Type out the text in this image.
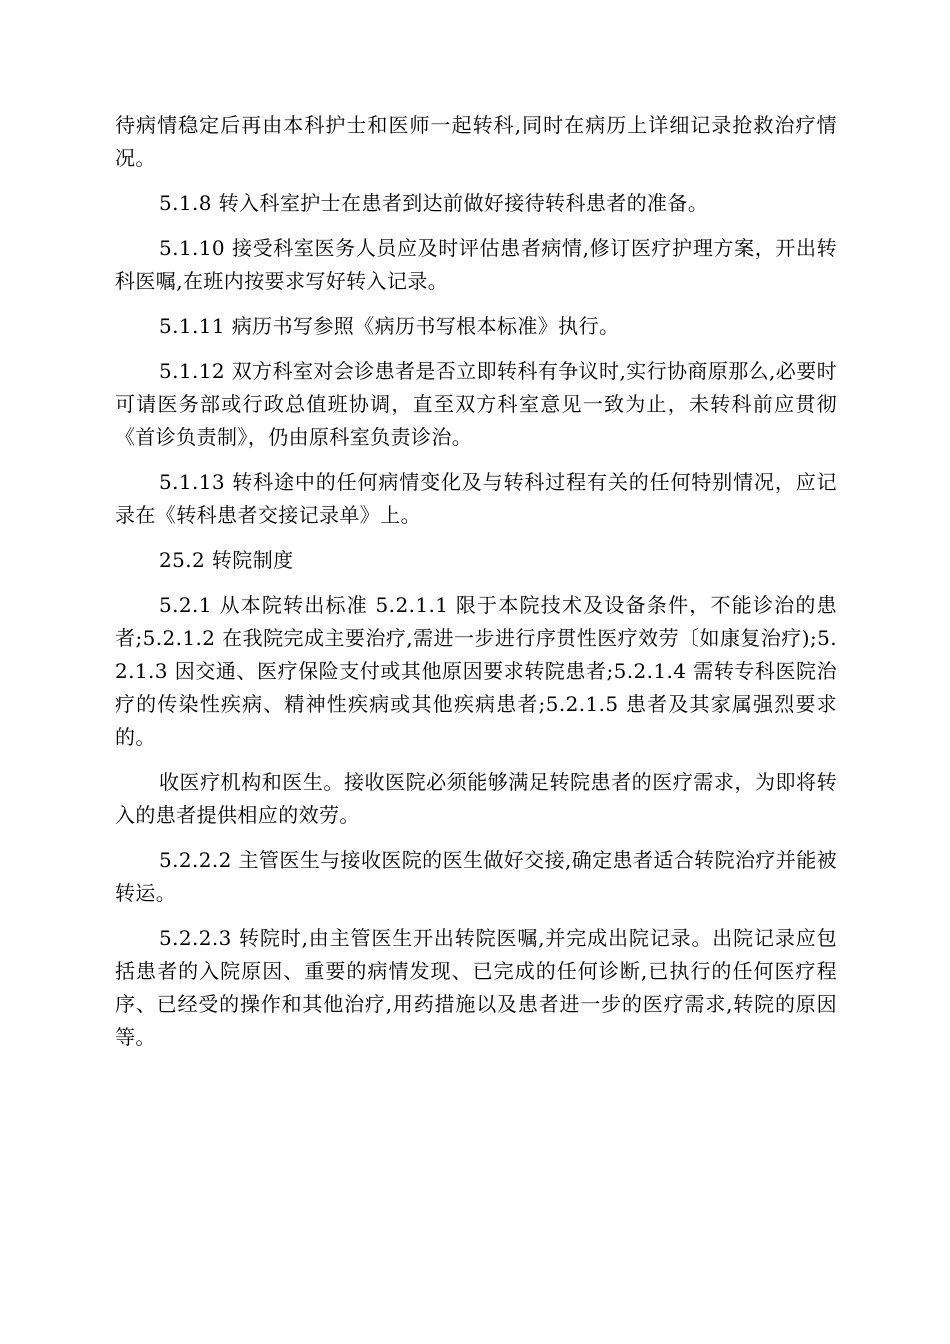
待病情稳定后再由本科护士和医师一起转科,同时在病历上详细记录抢救治疗情况。

5.1.8 转入科室护士在患者到达前做好接待转科患者的准备。

5.1.10 接受科室医务人员应及时评估患者病情,修订医疗护理方案，开出转科医嘱,在班内按要求写好转入记录。

5.1.11 病历书写参照《病历书写根本标准》执行。

5.1.12 双方科室对会诊患者是否立即转科有争议时,实行协商原那么,必要时可请医务部或行政总值班协调，直至双方科室意见一致为止，未转科前应贯彻《首诊负责制》，仍由原科室负责诊治。

5.1.13 转科途中的任何病情变化及与转科过程有关的任何特别情况，应记录在《转科患者交接记录单》上。

25.2 转院制度

5.2.1 从本院转出标准 5.2.1.1 限于本院技术及设备条件，不能诊治的患者;5.2.1.2 在我院完成主要治疗,需进一步进行序贯性医疗效劳〔如康复治疗);5.2.1.3 因交通、医疗保险支付或其他原因要求转院患者;5.2.1.4 需转专科医院治疗的传染性疾病、精神性疾病或其他疾病患者;5.2.1.5 患者及其家属强烈要求的。

收医疗机构和医生。接收医院必须能够满足转院患者的医疗需求，为即将转入的患者提供相应的效劳。

5.2.2.2 主管医生与接收医院的医生做好交接,确定患者适合转院治疗并能被转运。

5.2.2.3 转院时,由主管医生开出转院医嘱,并完成出院记录。出院记录应包括患者的入院原因、重要的病情发现、已完成的任何诊断,已执行的任何医疗程序、已经受的操作和其他治疗,用药措施以及患者进一步的医疗需求,转院的原因等。
